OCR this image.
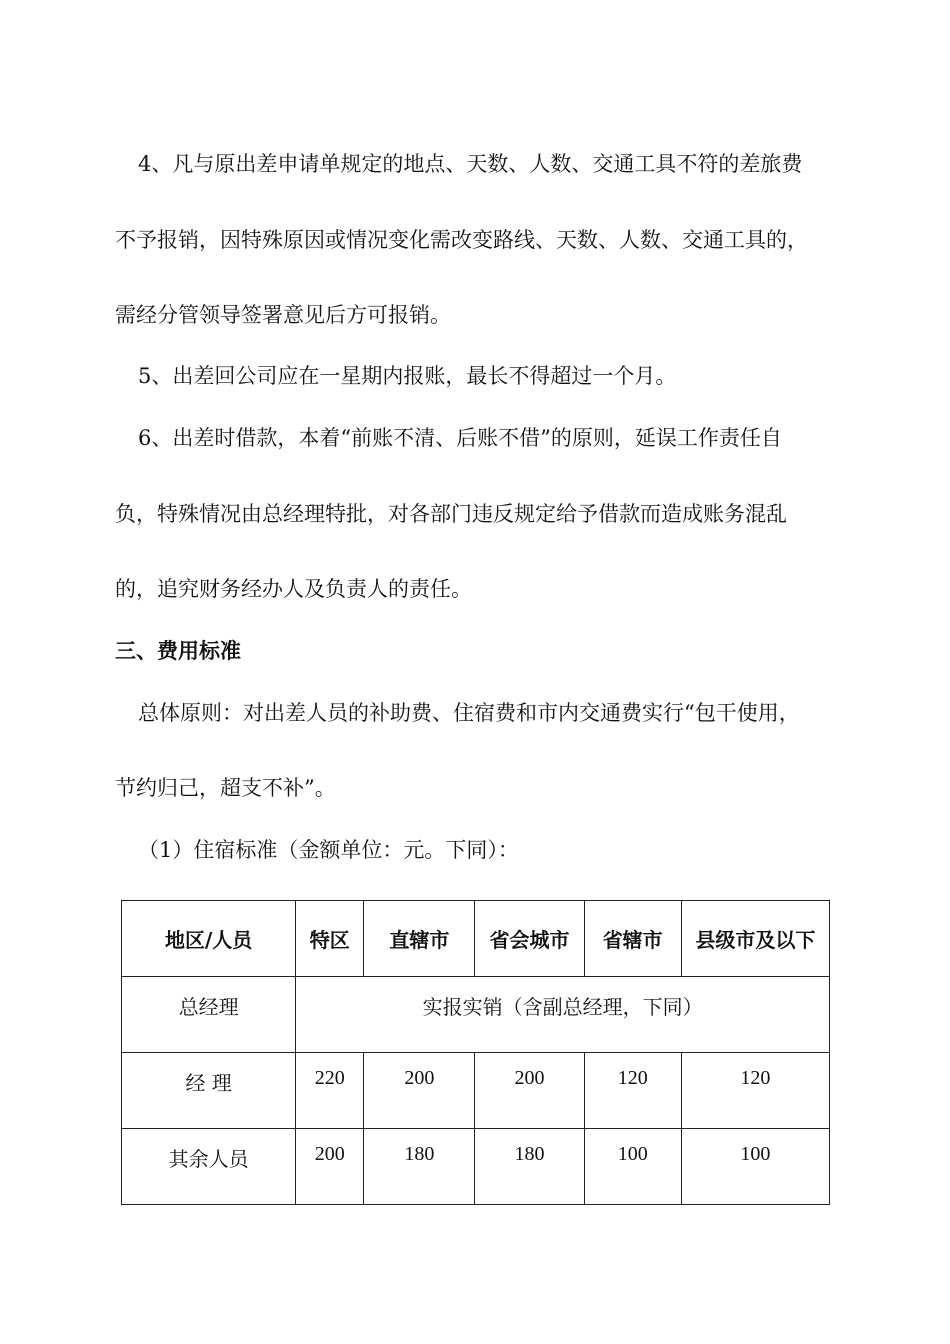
4、凡与原出差申请单规定的地点、天数、人数、交通工具不符的差旅费
不予报销，因特殊原因或情况变化需改变路线、天数、人数、交通工具的，
需经分管领导签署意见后方可报销。
5、出差回公司应在一星期内报账，最长不得超过一个月。
6、出差时借款，本着“前账不清、后账不借”的原则，延误工作责任自
负，特殊情况由总经理特批，对各部门违反规定给予借款而造成账务混乱
的，追究财务经办人及负责人的责任。
三、费用标准
总体原则：对出差人员的补助费、住宿费和市内交通费实行“包干使用，
节约归己，超支不补”。
（1）住宿标准（金额单位：元。下同）：
地区/人员	特区	直辖市	省会城市	省辖市	县级市及以下
总经理	实报实销（含副总经理，下同）				
经 理	220	200	200	120	120
其余人员	200	180	180	100	100
